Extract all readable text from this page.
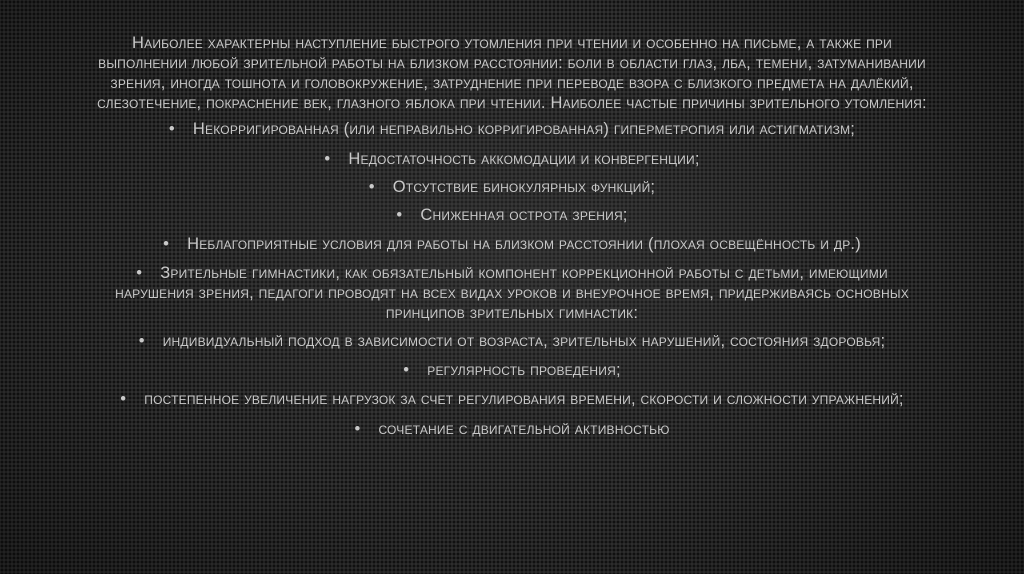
Наиболее характерны наступление быстрого утомления при чтении и особенно на письме, а также при выполнении любой зрительной работы на близком расстоянии: боли в области глаз, лба, темени, затуманивании зрения, иногда тошнота и головокружение, затруднение при переводе взора с близкого предмета на далёкий, слезотечение, покраснение век, глазного яблока при чтении. Наиболее частые причины зрительного утомления:

• Некорригированная (или неправильно корригированная) гиперметропия или астигматизм;

• Недостаточность аккомодации и конвергенции;

• Отсутствие бинокулярных функций;

• Сниженная острота зрения;

• Неблагоприятные условия для работы на близком расстоянии (плохая освещённость и др.)

• Зрительные гимнастики, как обязательный компонент коррекционной работы с детьми, имеющими нарушения зрения, педагоги проводят на всех видах уроков и внеурочное время, придерживаясь основных принципов зрительных гимнастик:

• индивидуальный подход в зависимости от возраста, зрительных нарушений, состояния здоровья;

• регулярность проведения;

• постепенное увеличение нагрузок за счет регулирования времени, скорости и сложности упражнений;

• сочетание с двигательной активностью
